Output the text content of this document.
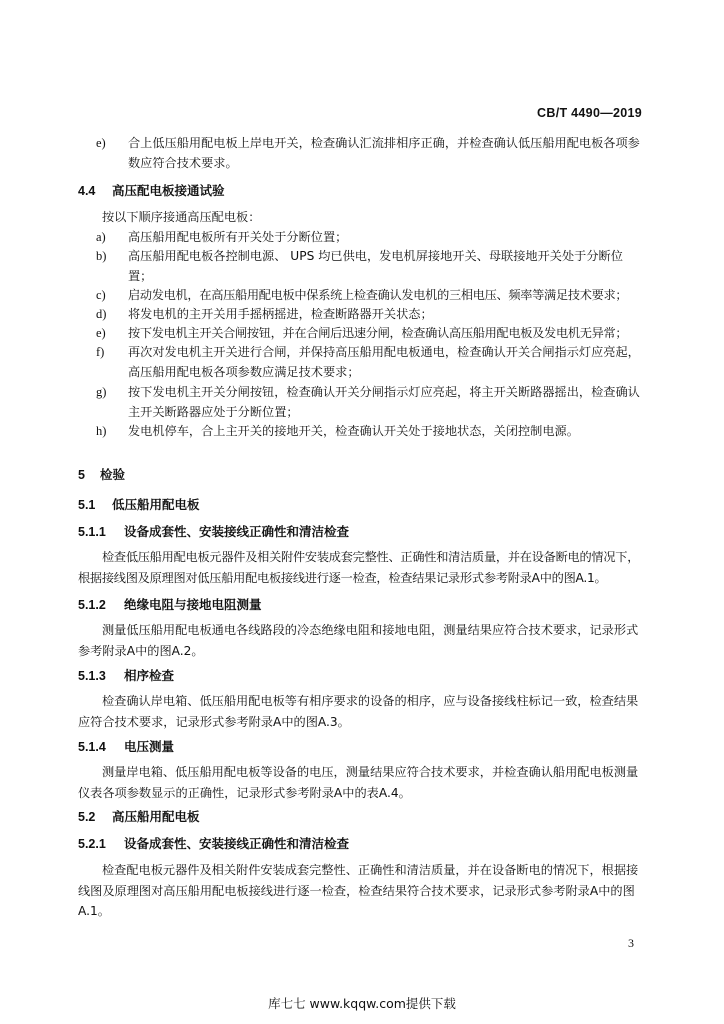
CB/T 4490—2019
e) 合上低压船用配电板上岸电开关，检查确认汇流排相序正确，并检查确认低压船用配电板各项参数应符合技术要求。
4.4 高压配电板接通试验
按以下顺序接通高压配电板：
a) 高压船用配电板所有开关处于分断位置；
b) 高压船用配电板各控制电源、 UPS 均已供电，发电机屏接地开关、母联接地开关处于分断位置；
c) 启动发电机，在高压船用配电板中保系统上检查确认发电机的三相电压、频率等满足技术要求；
d) 将发电机的主开关用手摇柄摇进，检查断路器开关状态；
e) 按下发电机主开关合闸按钮，并在合闸后迅速分闸，检查确认高压船用配电板及发电机无异常；
f) 再次对发电机主开关进行合闸，并保持高压船用配电板通电，检查确认开关合闸指示灯应亮起，高压船用配电板各项参数应满足技术要求；
g) 按下发电机主开关分闸按钮，检查确认开关分闸指示灯应亮起，将主开关断路器摇出，检查确认主开关断路器应处于分断位置；
h) 发电机停车，合上主开关的接地开关，检查确认开关处于接地状态，关闭控制电源。
5 检验
5.1 低压船用配电板
5.1.1 设备成套性、安装接线正确性和清洁检查
检查低压船用配电板元器件及相关附件安装成套完整性、正确性和清洁质量，并在设备断电的情况下，根据接线图及原理图对低压船用配电板接线进行逐一检查，检查结果记录形式参考附录A中的图A.1。
5.1.2 绝缘电阻与接地电阻测量
测量低压船用配电板通电各线路段的冷态绝缘电阻和接地电阻，测量结果应符合技术要求，记录形式参考附录A中的图A.2。
5.1.3 相序检查
检查确认岸电箱、低压船用配电板等有相序要求的设备的相序，应与设备接线柱标记一致，检查结果应符合技术要求，记录形式参考附录A中的图A.3。
5.1.4 电压测量
测量岸电箱、低压船用配电板等设备的电压，测量结果应符合技术要求，并检查确认船用配电板测量仪表各项参数显示的正确性，记录形式参考附录A中的表A.4。
5.2 高压船用配电板
5.2.1 设备成套性、安装接线正确性和清洁检查
检查配电板元器件及相关附件安装成套完整性、正确性和清洁质量，并在设备断电的情况下，根据接线图及原理图对高压船用配电板接线进行逐一检查，检查结果符合技术要求，记录形式参考附录A中的图A.1。
3
库七七 www.kqqw.com提供下载
